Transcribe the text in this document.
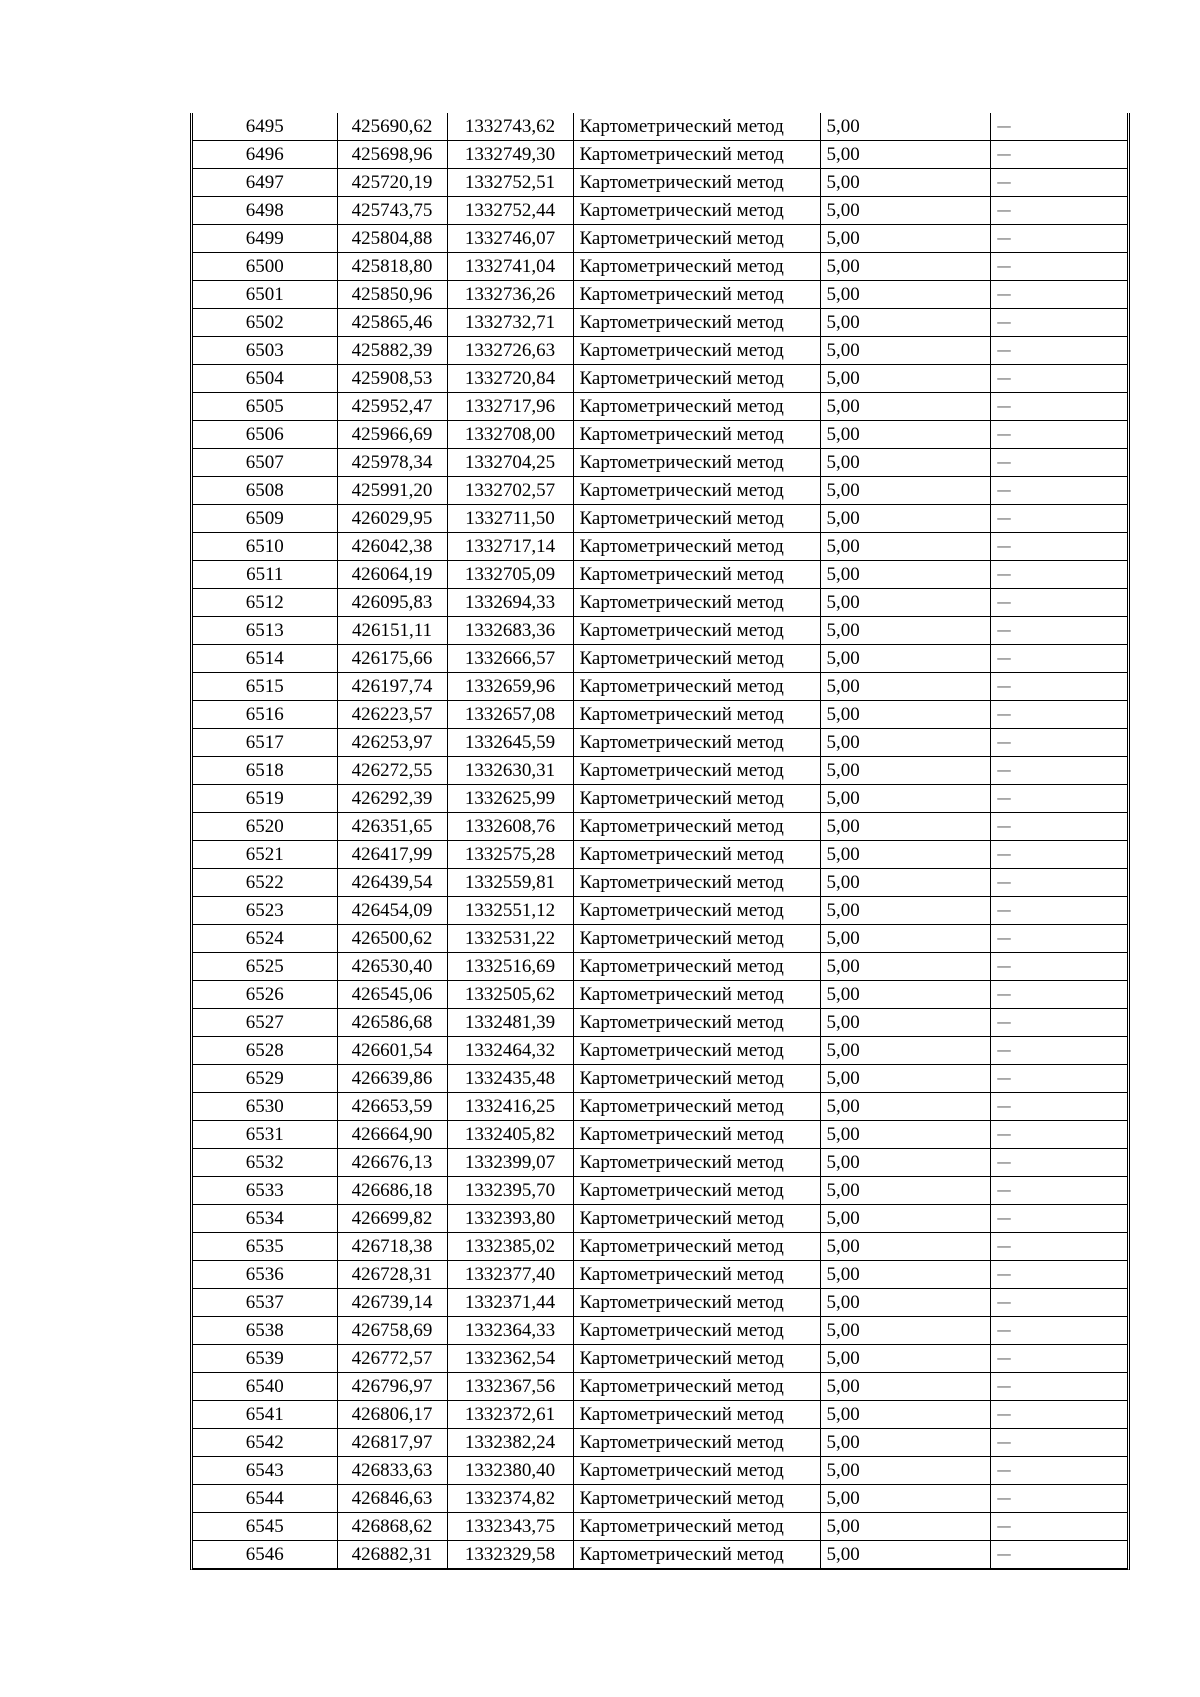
6495	425690,62	1332743,62	Картометрический метод	5,00	—
6496	425698,96	1332749,30	Картометрический метод	5,00	—
6497	425720,19	1332752,51	Картометрический метод	5,00	—
6498	425743,75	1332752,44	Картометрический метод	5,00	—
6499	425804,88	1332746,07	Картометрический метод	5,00	—
6500	425818,80	1332741,04	Картометрический метод	5,00	—
6501	425850,96	1332736,26	Картометрический метод	5,00	—
6502	425865,46	1332732,71	Картометрический метод	5,00	—
6503	425882,39	1332726,63	Картометрический метод	5,00	—
6504	425908,53	1332720,84	Картометрический метод	5,00	—
6505	425952,47	1332717,96	Картометрический метод	5,00	—
6506	425966,69	1332708,00	Картометрический метод	5,00	—
6507	425978,34	1332704,25	Картометрический метод	5,00	—
6508	425991,20	1332702,57	Картометрический метод	5,00	—
6509	426029,95	1332711,50	Картометрический метод	5,00	—
6510	426042,38	1332717,14	Картометрический метод	5,00	—
6511	426064,19	1332705,09	Картометрический метод	5,00	—
6512	426095,83	1332694,33	Картометрический метод	5,00	—
6513	426151,11	1332683,36	Картометрический метод	5,00	—
6514	426175,66	1332666,57	Картометрический метод	5,00	—
6515	426197,74	1332659,96	Картометрический метод	5,00	—
6516	426223,57	1332657,08	Картометрический метод	5,00	—
6517	426253,97	1332645,59	Картометрический метод	5,00	—
6518	426272,55	1332630,31	Картометрический метод	5,00	—
6519	426292,39	1332625,99	Картометрический метод	5,00	—
6520	426351,65	1332608,76	Картометрический метод	5,00	—
6521	426417,99	1332575,28	Картометрический метод	5,00	—
6522	426439,54	1332559,81	Картометрический метод	5,00	—
6523	426454,09	1332551,12	Картометрический метод	5,00	—
6524	426500,62	1332531,22	Картометрический метод	5,00	—
6525	426530,40	1332516,69	Картометрический метод	5,00	—
6526	426545,06	1332505,62	Картометрический метод	5,00	—
6527	426586,68	1332481,39	Картометрический метод	5,00	—
6528	426601,54	1332464,32	Картометрический метод	5,00	—
6529	426639,86	1332435,48	Картометрический метод	5,00	—
6530	426653,59	1332416,25	Картометрический метод	5,00	—
6531	426664,90	1332405,82	Картометрический метод	5,00	—
6532	426676,13	1332399,07	Картометрический метод	5,00	—
6533	426686,18	1332395,70	Картометрический метод	5,00	—
6534	426699,82	1332393,80	Картометрический метод	5,00	—
6535	426718,38	1332385,02	Картометрический метод	5,00	—
6536	426728,31	1332377,40	Картометрический метод	5,00	—
6537	426739,14	1332371,44	Картометрический метод	5,00	—
6538	426758,69	1332364,33	Картометрический метод	5,00	—
6539	426772,57	1332362,54	Картометрический метод	5,00	—
6540	426796,97	1332367,56	Картометрический метод	5,00	—
6541	426806,17	1332372,61	Картометрический метод	5,00	—
6542	426817,97	1332382,24	Картометрический метод	5,00	—
6543	426833,63	1332380,40	Картометрический метод	5,00	—
6544	426846,63	1332374,82	Картометрический метод	5,00	—
6545	426868,62	1332343,75	Картометрический метод	5,00	—
6546	426882,31	1332329,58	Картометрический метод	5,00	—
